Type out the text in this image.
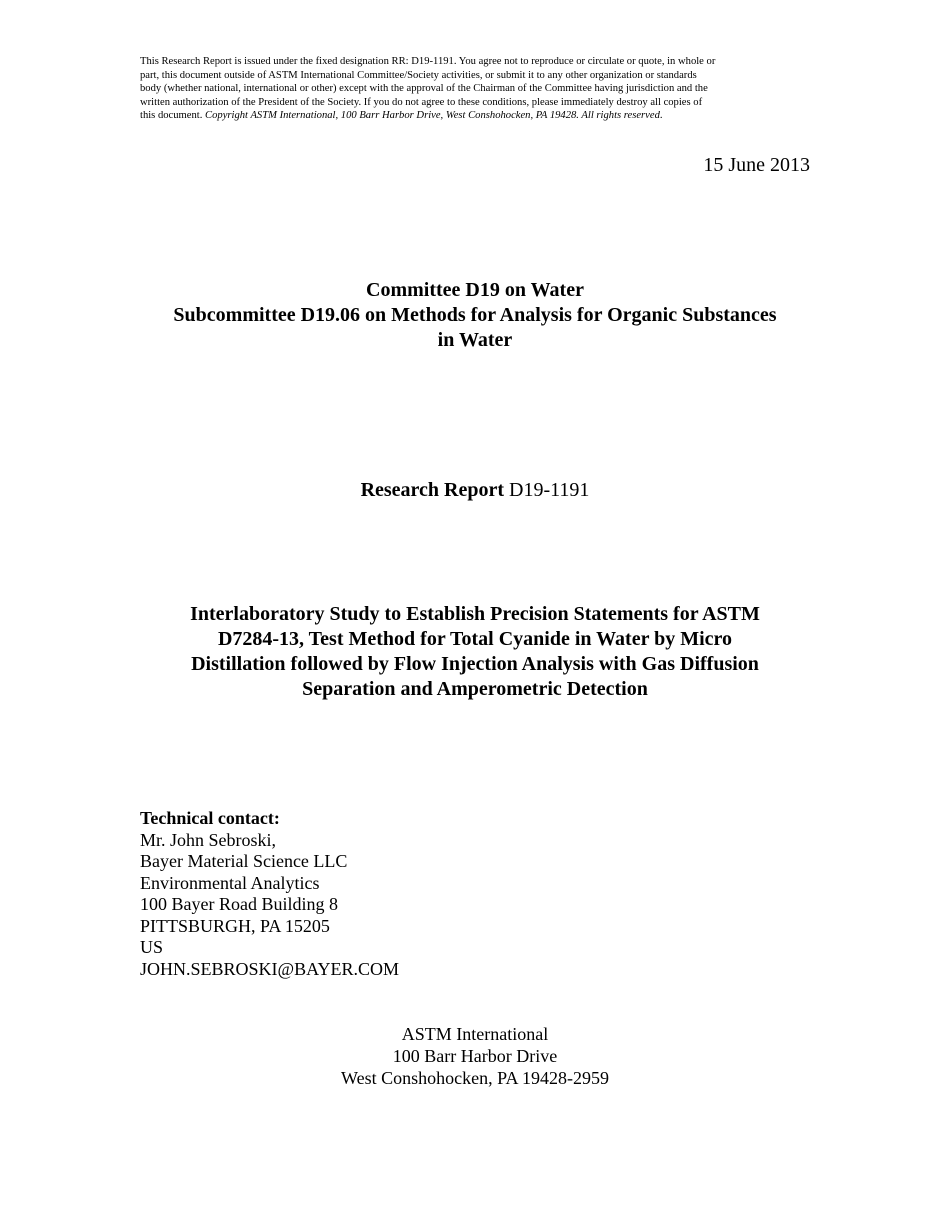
This Research Report is issued under the fixed designation RR: D19-1191. You agree not to reproduce or circulate or quote, in whole or
part, this document outside of ASTM International Committee/Society activities, or submit it to any other organization or standards
body (whether national, international or other) except with the approval of the Chairman of the Committee having jurisdiction and the
written authorization of the President of the Society. If you do not agree to these conditions, please immediately destroy all copies of
this document. Copyright ASTM International, 100 Barr Harbor Drive, West Conshohocken, PA 19428. All rights reserved.
15 June 2013
Committee D19 on Water
Subcommittee D19.06 on Methods for Analysis for Organic Substances
in Water
Research Report D19-1191
Interlaboratory Study to Establish Precision Statements for ASTM
D7284-13, Test Method for Total Cyanide in Water by Micro
Distillation followed by Flow Injection Analysis with Gas Diffusion
Separation and Amperometric Detection
Technical contact:
Mr. John Sebroski,
Bayer Material Science LLC
Environmental Analytics
100 Bayer Road Building 8
PITTSBURGH, PA 15205
US
JOHN.SEBROSKI@BAYER.COM
ASTM International
100 Barr Harbor Drive
West Conshohocken, PA 19428-2959
